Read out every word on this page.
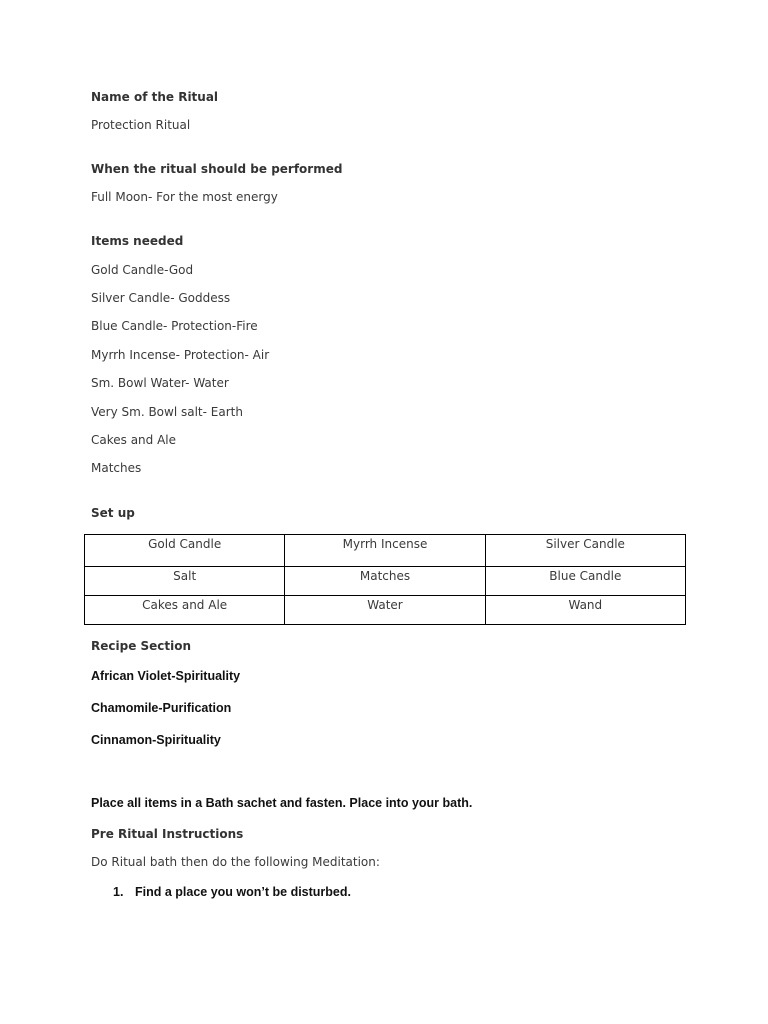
Name of the Ritual
Protection Ritual
When the ritual should be performed
Full Moon- For the most energy
Items needed
Gold Candle-God
Silver Candle- Goddess
Blue Candle- Protection-Fire
Myrrh Incense- Protection- Air
Sm. Bowl Water- Water
Very Sm. Bowl salt- Earth
Cakes and Ale
Matches
Set up
Gold Candle	Myrrh Incense	Silver Candle
Salt	Matches	Blue Candle
Cakes and Ale	Water	Wand
Recipe Section
African Violet-Spirituality
Chamomile-Purification
Cinnamon-Spirituality
Place all items in a Bath sachet and fasten. Place into your bath.
Pre Ritual Instructions
Do Ritual bath then do the following Meditation:
1. Find a place you won’t be disturbed.
